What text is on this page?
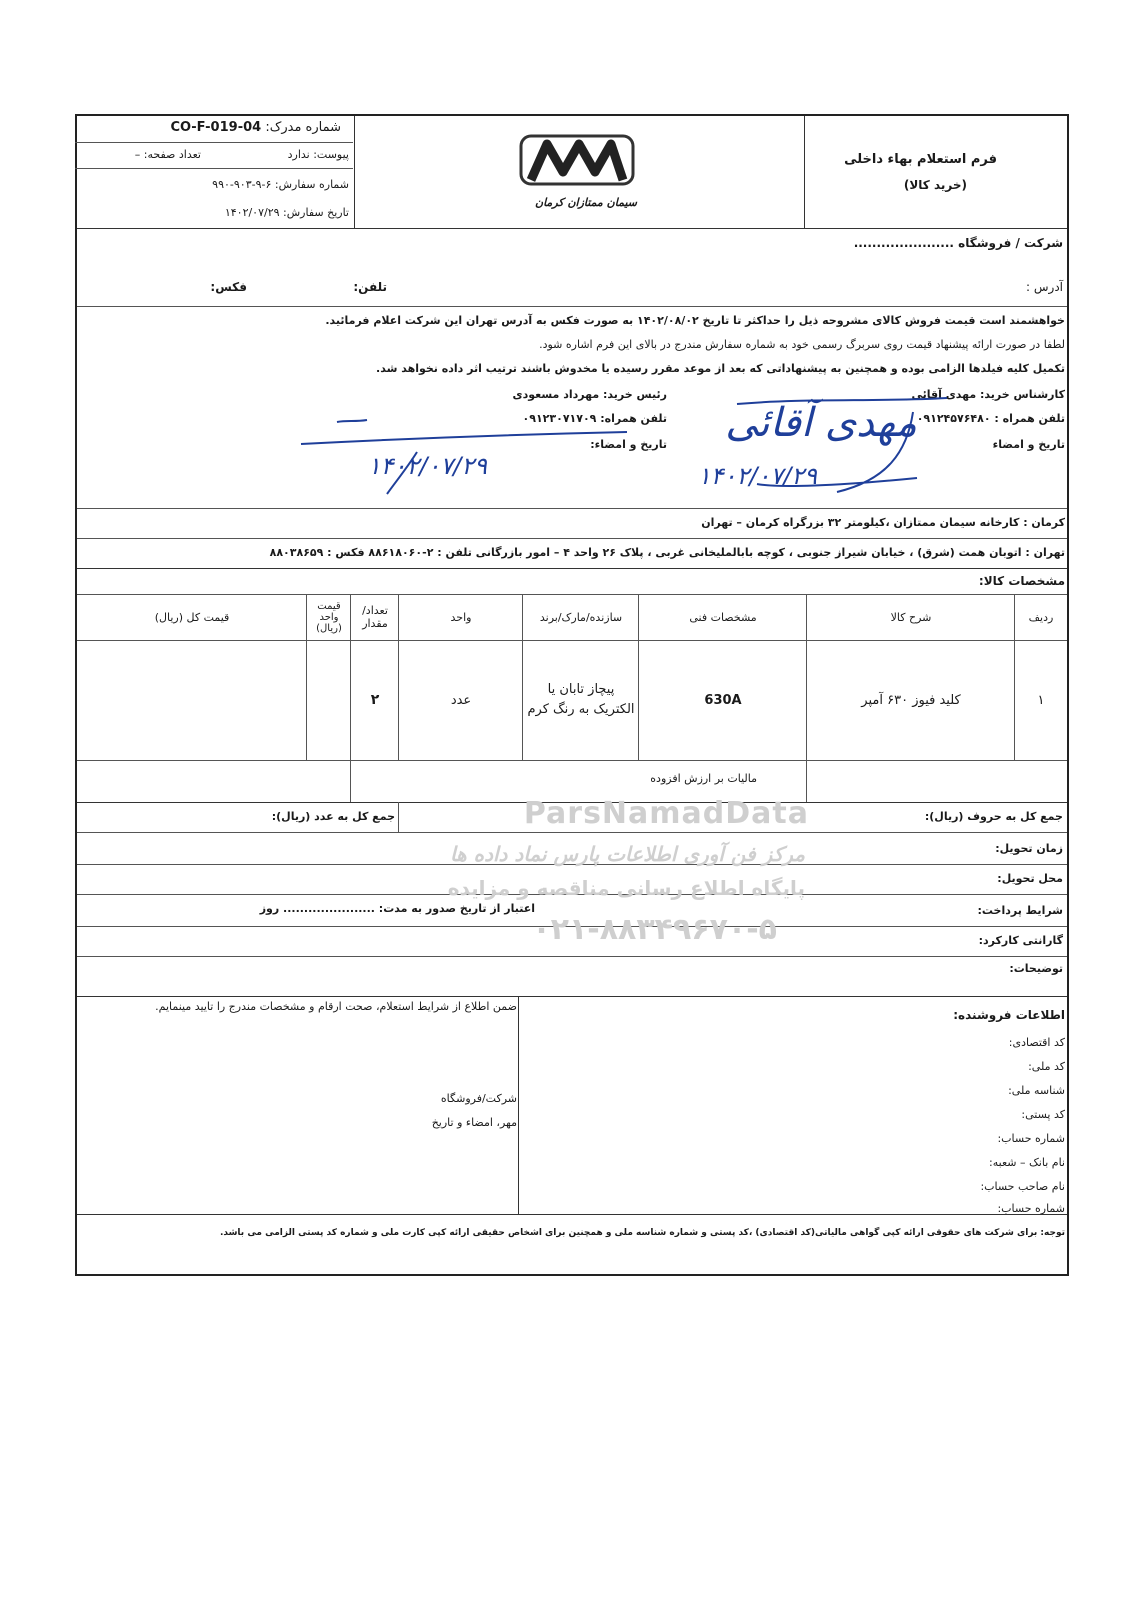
فرم استعلام بهاء داخلی
(خرید کالا)
سیمان ممتازان کرمان
شماره مدرک: CO-F-019-04
پیوست: ندارد
تعداد صفحه: –
شماره سفارش: ۶-۹-۹۰۳-۹۹۰
تاریخ سفارش: ۱۴۰۲/۰۷/۲۹
شرکت / فروشگاه ......................
آدرس :
تلفن:
فکس:
خواهشمند است قیمت فروش کالای مشروحه ذیل را حداکثر تا تاریخ ۱۴۰۲/۰۸/۰۲ به صورت فکس به آدرس تهران این شرکت اعلام فرمائید.
لطفا در صورت ارائه پیشنهاد قیمت روی سربرگ رسمی خود به شماره سفارش مندرج در بالای این فرم اشاره شود.
تکمیل کلیه فیلدها الزامی بوده و همچنین به پیشنهاداتی که بعد از موعد مقرر رسیده یا مخدوش باشند ترتیب اثر داده نخواهد شد.
کارشناس خرید: مهدی آقائی
تلفن همراه : ۰۹۱۲۴۵۷۶۴۸۰
تاریخ و امضاء
مهدی آقائی
۱۴۰۲/۰۷/۲۹
رئیس خرید: مهرداد مسعودی
تلفن همراه: ۰۹۱۲۳۰۷۱۷۰۹
تاریخ و امضاء:
۱۴۰۲/۰۷/۲۹
کرمان : کارخانه سیمان ممتازان ،کیلومتر ۳۲ بزرگراه کرمان – تهران
تهران : اتوبان همت (شرق) ، خیابان شیراز جنوبی ، کوچه بابالملیخانی غربی ، پلاک ۲۶ واحد ۴ – امور بازرگانی تلفن : ۲-۸۸۶۱۸۰۶۰ فکس : ۸۸۰۳۸۶۵۹
مشخصات کالا:
ردیف
شرح کالا
مشخصات فنی
سازنده/مارک/برند
واحد
تعداد/مقدار
قیمت واحد (ریال)
قیمت کل (ریال)
۱
کلید فیوز ۶۳۰ آمپر
630A
پیچاز تابان یا الکتریک به رنگ کرم
عدد
۲
مالیات بر ارزش افزوده
جمع کل به حروف (ریال):
جمع کل به عدد (ریال):
زمان تحویل:
محل تحویل:
شرایط پرداخت:
اعتبار از تاریخ صدور به مدت: ...................... روز
گارانتی کارکرد:
توضیحات:
اطلاعات فروشنده:
کد اقتصادی:
کد ملی:
شناسه ملی:
کد پستی:
شماره حساب:
نام بانک – شعبه:
نام صاحب حساب:
شماره حساب:
ضمن اطلاع از شرایط استعلام، صحت ارقام و مشخصات مندرج را تایید مینمایم.
شرکت/فروشگاه
مهر، امضاء و تاریخ
توجه: برای شرکت های حقوقی ارائه کپی گواهی مالیاتی(کد اقتصادی) ،کد پستی و شماره شناسه ملی و همچنین برای اشخاص حقیقی ارائه کپی کارت ملی و شماره کد پستی الزامی می باشد.
ParsNamadData
مرکز فن آوری اطلاعات پارس نماد داده ها
پایگاه اطلاع رسانی مناقصه و مزایده
۰۲۱-۸۸۳۴۹۶۷۰-۵
